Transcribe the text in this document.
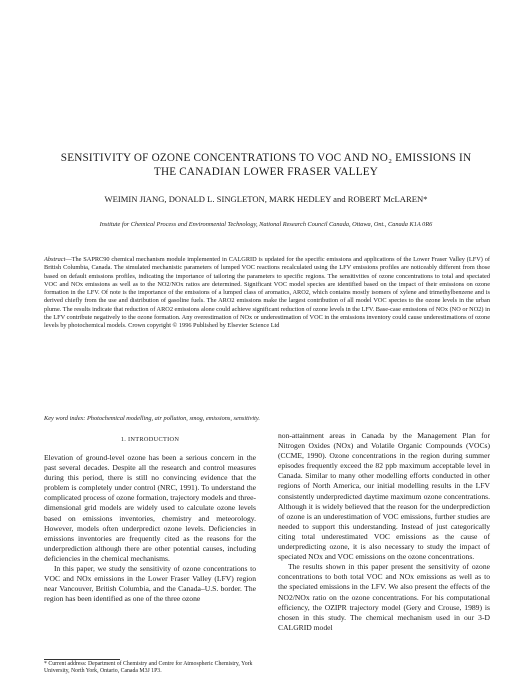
SENSITIVITY OF OZONE CONCENTRATIONS TO VOC AND NO₂ EMISSIONS IN THE CANADIAN LOWER FRASER VALLEY
WEIMIN JIANG, DONALD L. SINGLETON, MARK HEDLEY and ROBERT McLAREN*
Institute for Chemical Process and Environmental Technology, National Research Council Canada, Ottawa, Ont., Canada K1A 0R6

Abstract—The SAPRC90 chemical mechanism module implemented in CALGRID is updated for the specific emissions and applications of the Lower Fraser Valley (LFV) of British Columbia, Canada. The simulated mechanistic parameters of lumped VOC reactions recalculated using the LFV emissions profiles are noticeably different from those based on default emissions profiles, indicating the importance of tailoring the parameters to specific regions. The sensitivities of ozone concentrations to total and speciated VOC and NOx emissions as well as to the NO2/NOx ratios are determined. Significant VOC model species are identified based on the impact of their emissions on ozone formation in the LFV. Of note is the importance of the emissions of a lumped class of aromatics, ARO2, which contains mostly isomers of xylene and trimethylbenzene and is derived chiefly from the use and distribution of gasoline fuels. The ARO2 emissions make the largest contribution of all model VOC species to the ozone levels in the urban plume. The results indicate that reduction of ARO2 emissions alone could achieve significant reduction of ozone levels in the LFV. Base-case emissions of NOx (NO or NO2) in the LFV contribute negatively to the ozone formation. Any overestimation of NOx or underestimation of VOC in the emissions inventory could cause underestimations of ozone levels by photochemical models. Crown copyright © 1996 Published by Elsevier Science Ltd

Key word index: Photochemical modelling, air pollution, smog, emissions, sensitivity.

1. INTRODUCTION

Elevation of ground-level ozone has been a serious concern in the past several decades. Despite all the research and control measures during this period, there is still no convincing evidence that the problem is completely under control (NRC, 1991). To understand the complicated process of ozone formation, trajectory models and three-dimensional grid models are widely used to calculate ozone levels based on emissions inventories, chemistry and meteorology. However, models often underpredict ozone levels. Deficiencies in emissions inventories are frequently cited as the reasons for the underprediction although there are other potential causes, including deficiencies in the chemical mechanisms.

In this paper, we study the sensitivity of ozone concentrations to VOC and NOx emissions in the Lower Fraser Valley (LFV) region near Vancouver, British Columbia, and the Canada–U.S. border. The region has been identified as one of the three ozone

non-attainment areas in Canada by the Management Plan for Nitrogen Oxides (NOx) and Volatile Organic Compounds (VOCs) (CCME, 1990). Ozone concentrations in the region during summer episodes frequently exceed the 82 ppb maximum acceptable level in Canada. Similar to many other modelling efforts conducted in other regions of North America, our initial modelling results in the LFV consistently underpredicted daytime maximum ozone concentrations. Although it is widely believed that the reason for the underprediction of ozone is an underestimation of VOC emissions, further studies are needed to support this understanding. Instead of just categorically citing total underestimated VOC emissions as the cause of underpredicting ozone, it is also necessary to study the impact of speciated NOx and VOC emissions on the ozone concentrations.

The results shown in this paper present the sensitivity of ozone concentrations to both total VOC and NOx emissions as well as to the speciated emissions in the LFV. We also present the effects of the NO2/NOx ratio on the ozone concentrations. For his computational efficiency, the OZIPR trajectory model (Gery and Crouse, 1989) is chosen in this study. The chemical mechanism used in our 3-D CALGRID model

* Current address: Department of Chemistry and Centre for Atmospheric Chemistry, York University, North York, Ontario, Canada M3J 1P3.
